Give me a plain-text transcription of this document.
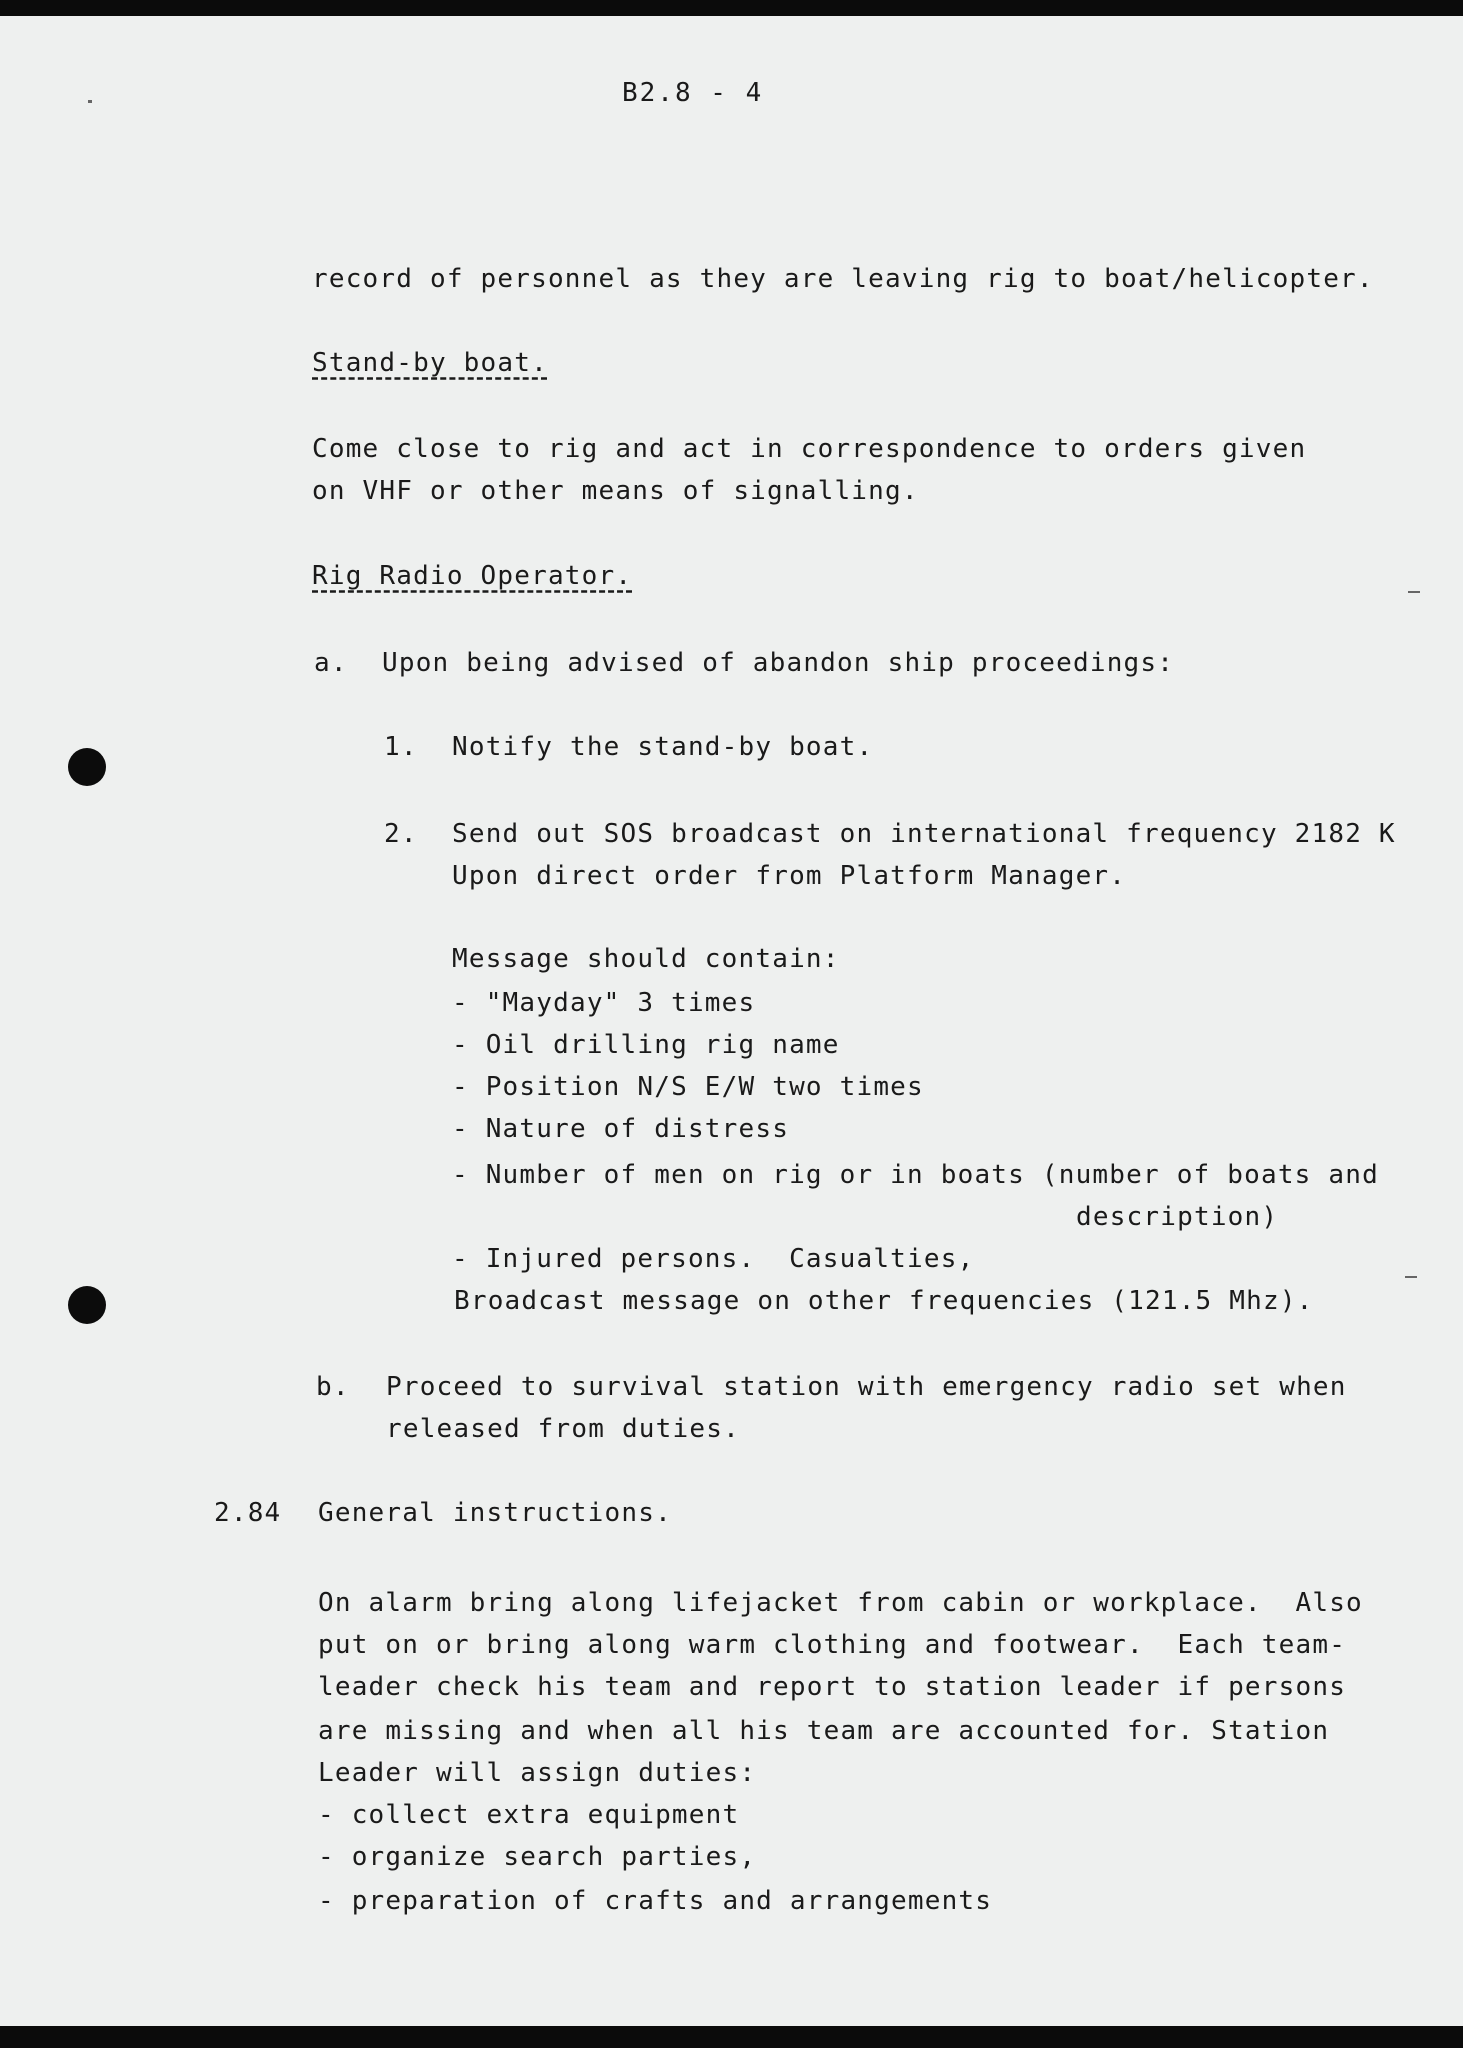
B2.8 - 4
record of personnel as they are leaving rig to boat/helicopter.
Stand-by boat.
Come close to rig and act in correspondence to orders given
on VHF or other means of signalling.
Rig Radio Operator.
a. Upon being advised of abandon ship proceedings:
1. Notify the stand-by boat.
2. Send out SOS broadcast on international frequency 2182 K
Upon direct order from Platform Manager.
Message should contain:
- "Mayday" 3 times
- Oil drilling rig name
- Position N/S E/W two times
- Nature of distress
- Number of men on rig or in boats (number of boats and
description)
- Injured persons.  Casualties,
Broadcast message on other frequencies (121.5 Mhz).
b. Proceed to survival station with emergency radio set when
released from duties.
2.84 General instructions.
On alarm bring along lifejacket from cabin or workplace.  Also
put on or bring along warm clothing and footwear.  Each team-
leader check his team and report to station leader if persons
are missing and when all his team are accounted for. Station
Leader will assign duties:
- collect extra equipment
- organize search parties,
- preparation of crafts and arrangements
